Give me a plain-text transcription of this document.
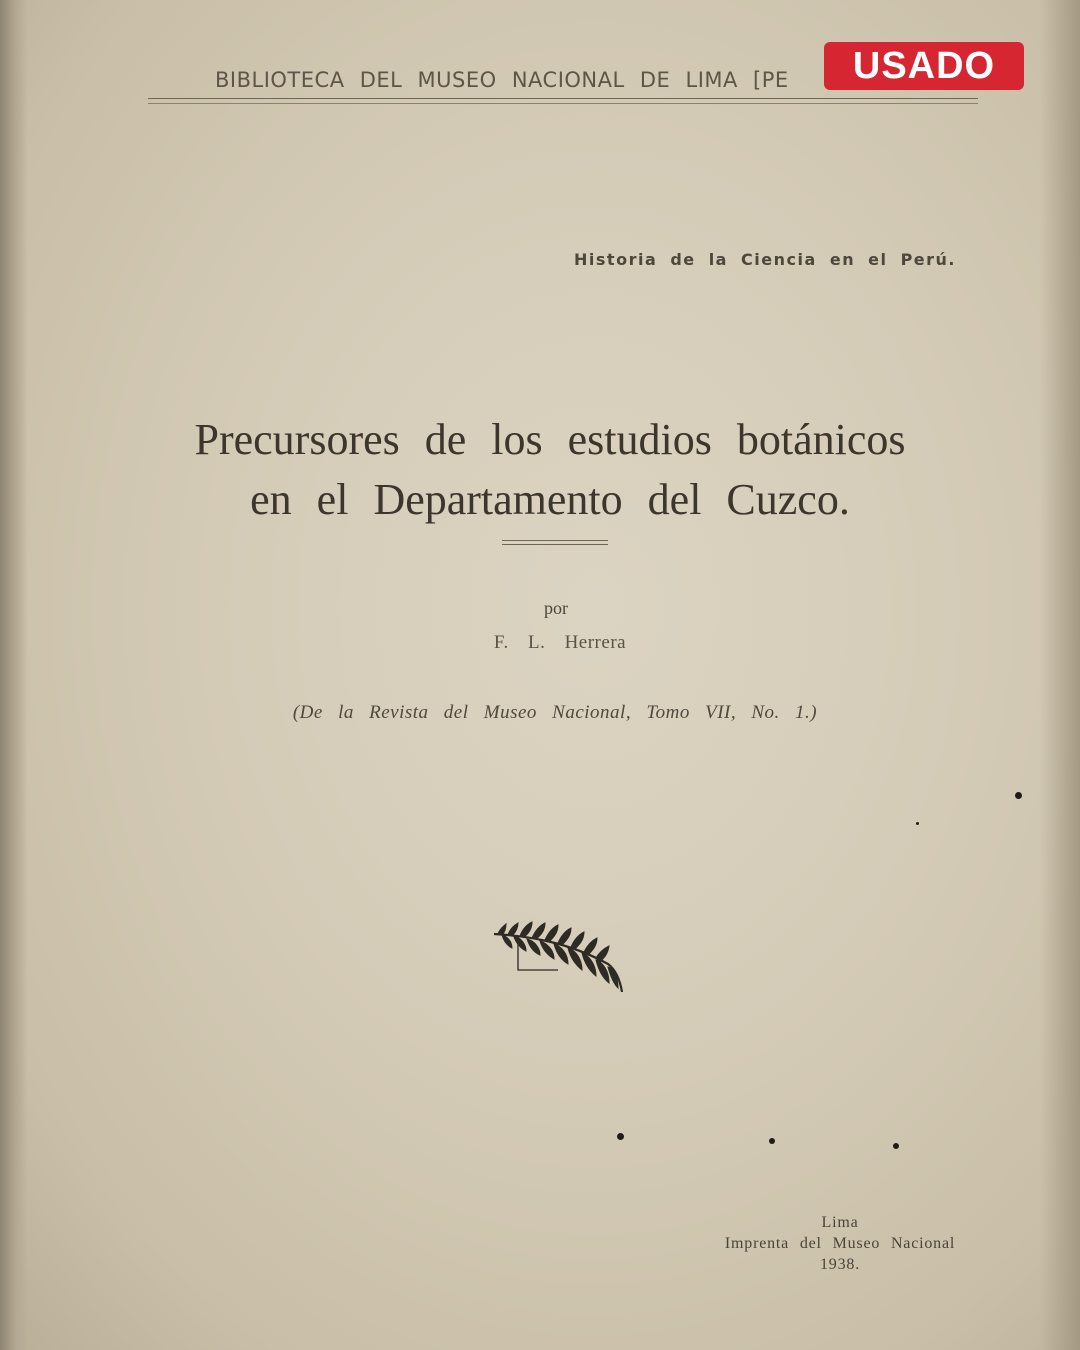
BIBLIOTECA DEL MUSEO NACIONAL DE LIMA [PE	USADO
Historia de la Ciencia en el Perú.
Precursores de los estudios botánicos
en el Departamento del Cuzco.
por
F. L. Herrera
(De la Revista del Museo Nacional, Tomo VII, No. 1.)
Lima
Imprenta del Museo Nacional
1938.
